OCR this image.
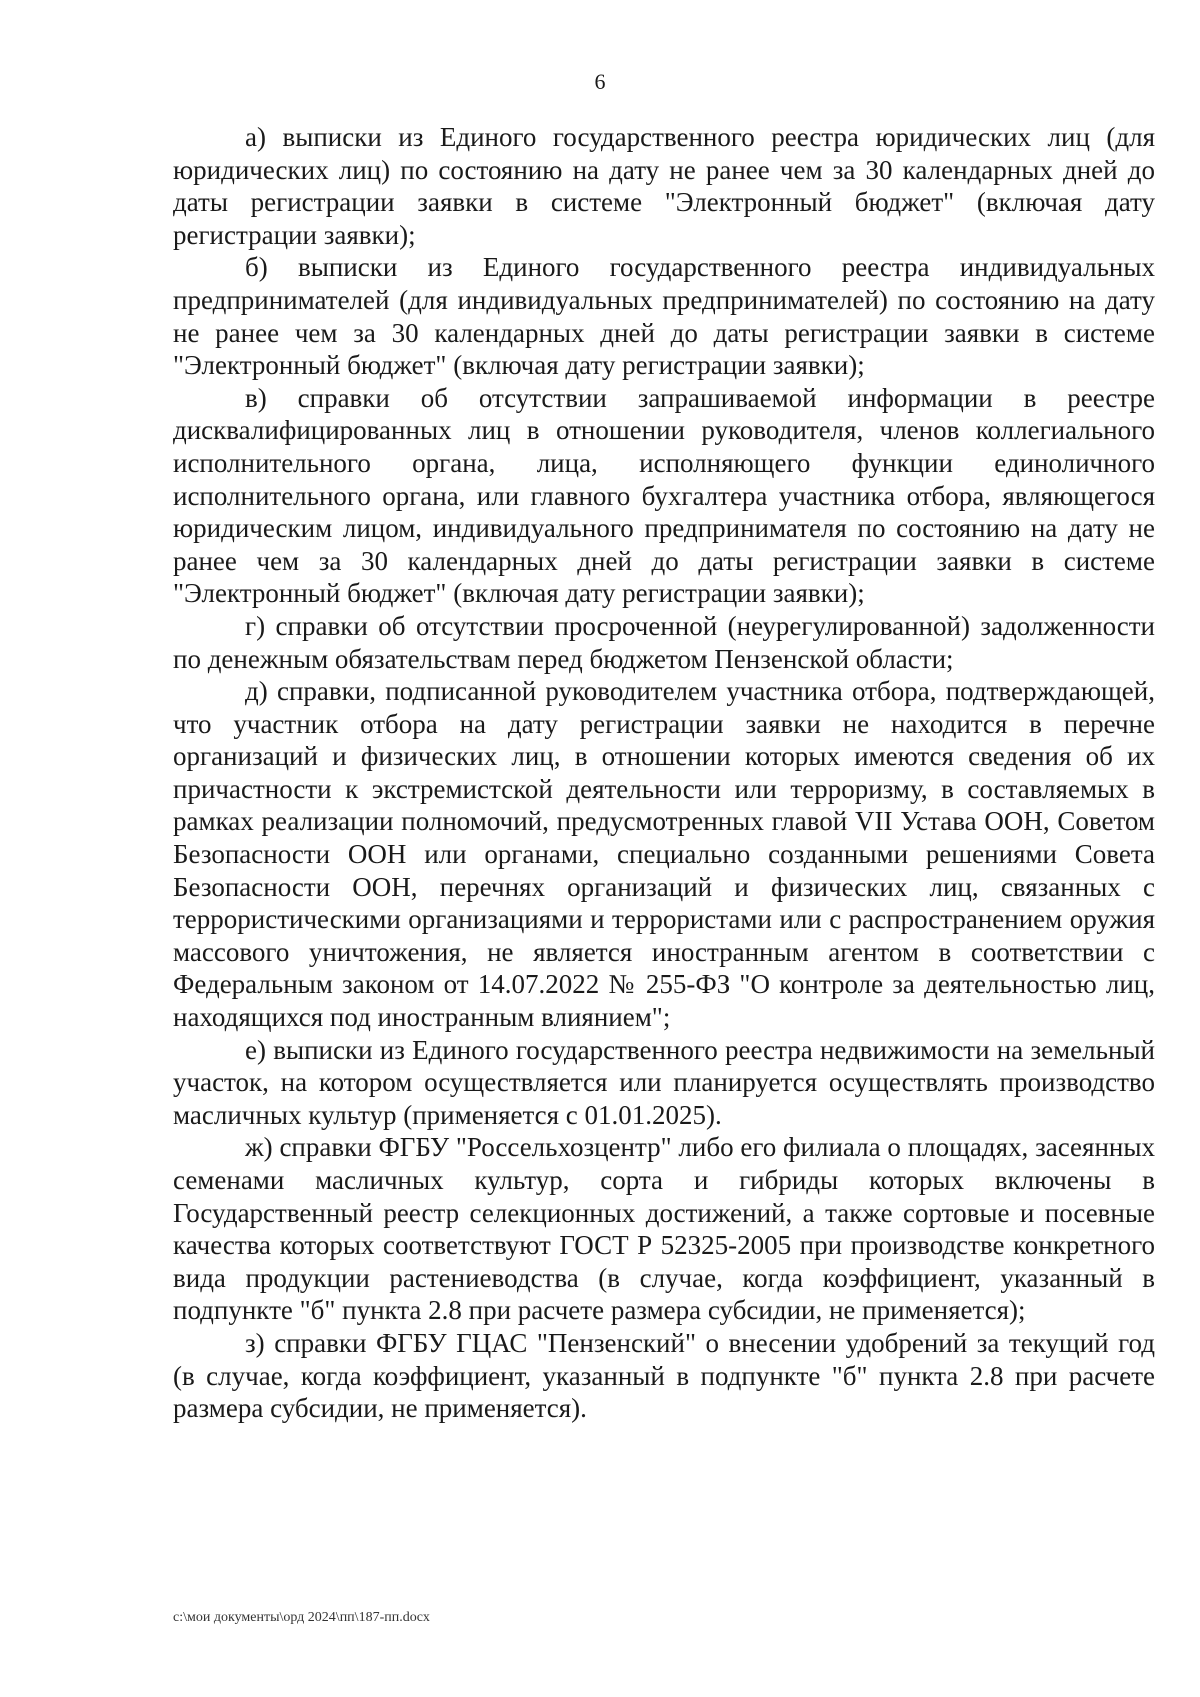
6

а) выписки из Единого государственного реестра юридических лиц (для юридических лиц) по состоянию на дату не ранее чем за 30 календарных дней до даты регистрации заявки в системе "Электронный бюджет" (включая дату регистрации заявки);

б) выписки из Единого государственного реестра индивидуальных предпринимателей (для индивидуальных предпринимателей) по состоянию на дату не ранее чем за 30 календарных дней до даты регистрации заявки в системе "Электронный бюджет" (включая дату регистрации заявки);

в) справки об отсутствии запрашиваемой информации в реестре дисквалифицированных лиц в отношении руководителя, членов коллегиального исполнительного органа, лица, исполняющего функции единоличного исполнительного органа, или главного бухгалтера участника отбора, являющегося юридическим лицом, индивидуального предпринимателя по состоянию на дату не ранее чем за 30 календарных дней до даты регистрации заявки в системе "Электронный бюджет" (включая дату регистрации заявки);

г) справки об отсутствии просроченной (неурегулированной) задолженности по денежным обязательствам перед бюджетом Пензенской области;

д) справки, подписанной руководителем участника отбора, подтверждающей, что участник отбора на дату регистрации заявки не находится в перечне организаций и физических лиц, в отношении которых имеются сведения об их причастности к экстремистской деятельности или терроризму, в составляемых в рамках реализации полномочий, предусмотренных главой VII Устава ООН, Советом Безопасности ООН или органами, специально созданными решениями Совета Безопасности ООН, перечнях организаций и физических лиц, связанных с террористическими организациями и террористами или с распространением оружия массового уничтожения, не является иностранным агентом в соответствии с Федеральным законом от 14.07.2022 № 255-ФЗ "О контроле за деятельностью лиц, находящихся под иностранным влиянием";

е) выписки из Единого государственного реестра недвижимости на земельный участок, на котором осуществляется или планируется осуществлять производство масличных культур (применяется с 01.01.2025).

ж) справки ФГБУ "Россельхозцентр" либо его филиала о площадях, засеянных семенами масличных культур, сорта и гибриды которых включены в Государственный реестр селекционных достижений, а также сортовые и посевные качества которых соответствуют ГОСТ Р 52325-2005 при производстве конкретного вида продукции растениеводства (в случае, когда коэффициент, указанный в подпункте "б" пункта 2.8 при расчете размера субсидии, не применяется);

з) справки ФГБУ ГЦАС "Пензенский" о внесении удобрений за текущий год (в случае, когда коэффициент, указанный в подпункте "б" пункта 2.8 при расчете размера субсидии, не применяется).

c:\мои документы\орд 2024\пп\187-пп.docx
